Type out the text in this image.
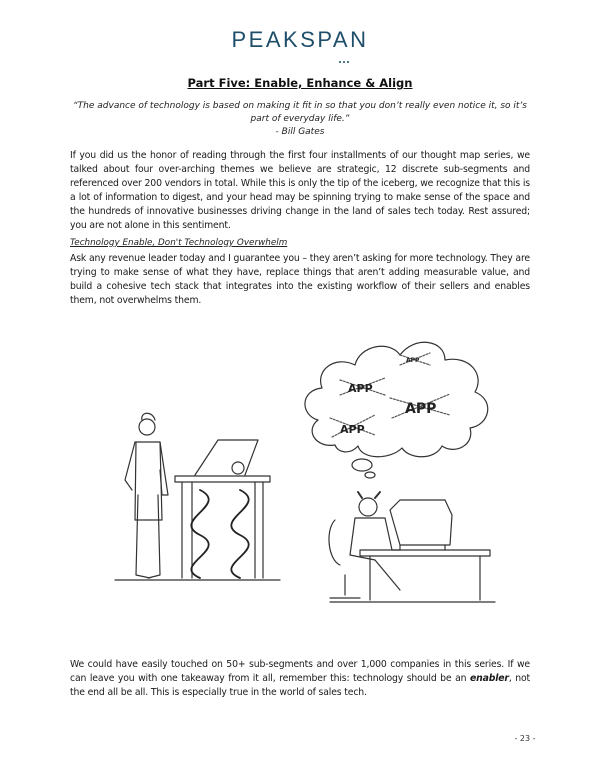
PEAKSPAN
Part Five: Enable, Enhance & Align
“The advance of technology is based on making it fit in so that you don’t really even notice it, so it’s part of everyday life.”
- Bill Gates
If you did us the honor of reading through the first four installments of our thought map series, we talked about four over-arching themes we believe are strategic, 12 discrete sub-segments and referenced over 200 vendors in total. While this is only the tip of the iceberg, we recognize that this is a lot of information to digest, and your head may be spinning trying to make sense of the space and the hundreds of innovative businesses driving change in the land of sales tech today. Rest assured; you are not alone in this sentiment.
Technology Enable, Don't Technology Overwhelm
Ask any revenue leader today and I guarantee you – they aren’t asking for more technology. They are trying to make sense of what they have, replace things that aren’t adding measurable value, and build a cohesive tech stack that integrates into the existing workflow of their sellers and enables them, not overwhelms them.
APP
APP
APP
APP
We could have easily touched on 50+ sub-segments and over 1,000 companies in this series. If we can leave you with one takeaway from it all, remember this: technology should be an enabler, not the end all be all. This is especially true in the world of sales tech.
- 23 -
